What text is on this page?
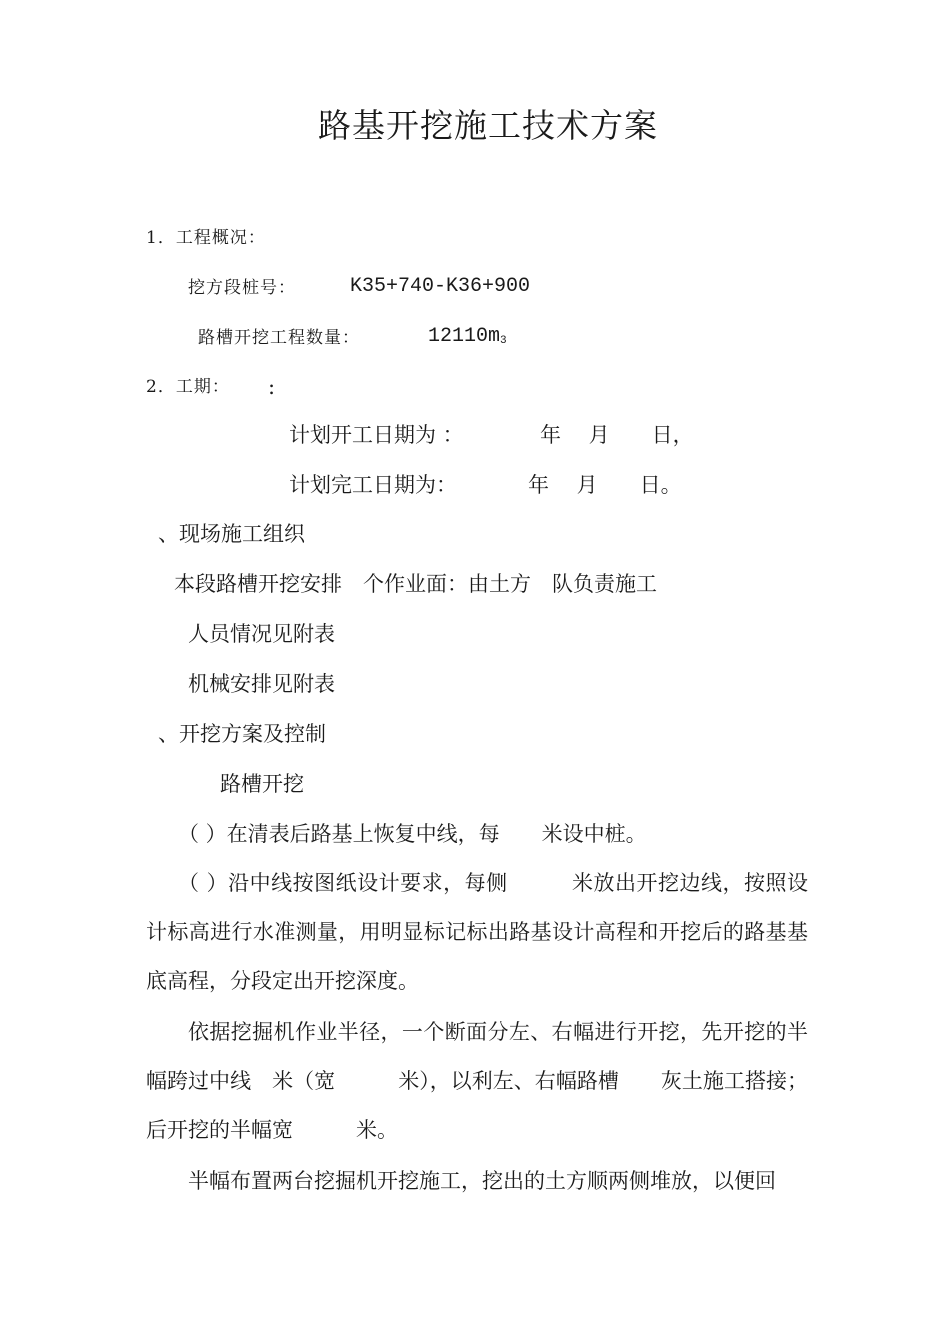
路基开挖施工技术方案
1．工程概况：
挖方段桩号：	K35+740-K36+900
路槽开挖工程数量：	12110m3
2．工期： :
计划开工日期为 ：	年　 月　　日，
计划完工日期为：	年　 月　　日。
、现场施工组织
本段路槽开挖安排　个作业面：由土方　队负责施工
人员情况见附表
机械安排见附表
、开挖方案及控制
路槽开挖
（ ）在清表后路基上恢复中线，每　　米设中桩。
（ ）沿中线按图纸设计要求，每侧　　　米放出开挖边线，按照设计标高进行水准测量，用明显标记标出路基设计高程和开挖后的路基基底高程，分段定出开挖深度。
依据挖掘机作业半径，一个断面分左、右幅进行开挖，先开挖的半幅跨过中线　米（宽　　　米），以利左、右幅路槽　　灰土施工搭接；后开挖的半幅宽　　　米。
半幅布置两台挖掘机开挖施工，挖出的土方顺两侧堆放，以便回
